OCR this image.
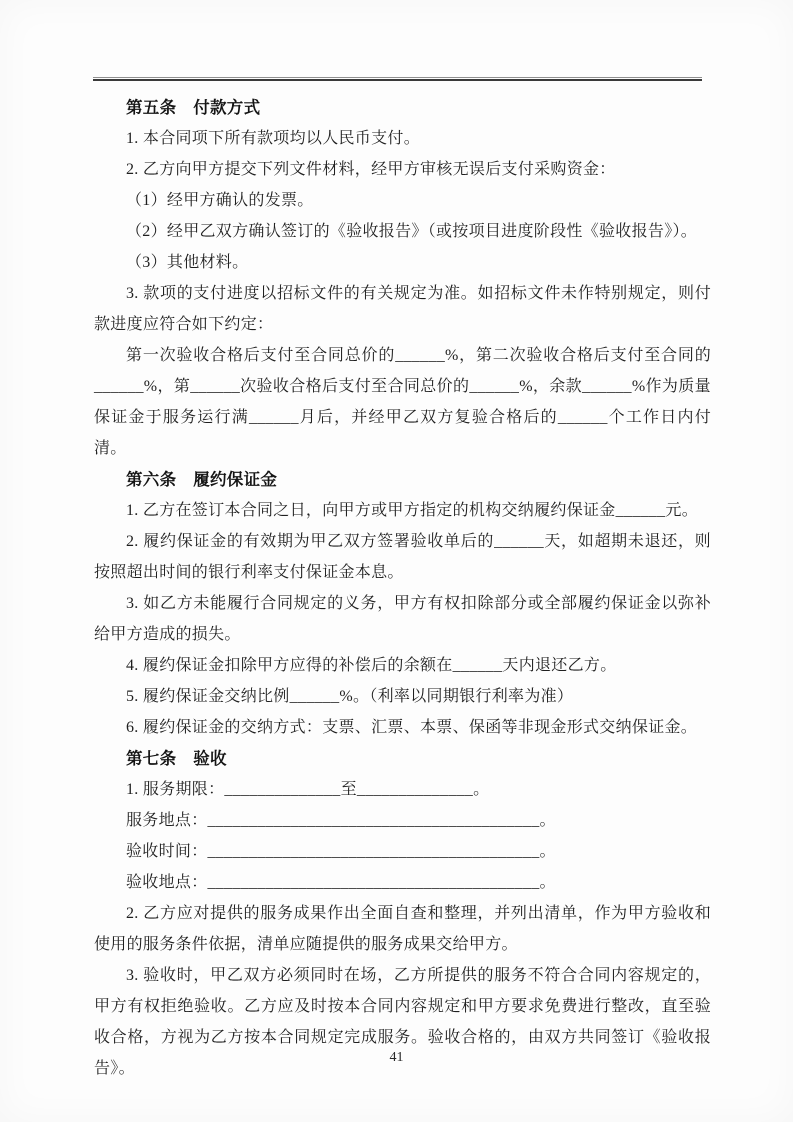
第五条　付款方式

1. 本合同项下所有款项均以人民币支付。

2. 乙方向甲方提交下列文件材料，经甲方审核无误后支付采购资金：

（1）经甲方确认的发票。

（2）经甲乙双方确认签订的《验收报告》（或按项目进度阶段性《验收报告》）。

（3）其他材料。

3. 款项的支付进度以招标文件的有关规定为准。如招标文件未作特别规定，则付款进度应符合如下约定：

第一次验收合格后支付至合同总价的______%，第二次验收合格后支付至合同的______%，第______次验收合格后支付至合同总价的______%，余款______%作为质量保证金于服务运行满______月后，并经甲乙双方复验合格后的______个工作日内付清。

第六条　履约保证金

1. 乙方在签订本合同之日，向甲方或甲方指定的机构交纳履约保证金______元。

2. 履约保证金的有效期为甲乙双方签署验收单后的______天，如超期未退还，则按照超出时间的银行利率支付保证金本息。

3. 如乙方未能履行合同规定的义务，甲方有权扣除部分或全部履约保证金以弥补给甲方造成的损失。

4. 履约保证金扣除甲方应得的补偿后的余额在______天内退还乙方。

5. 履约保证金交纳比例______%。（利率以同期银行利率为准）

6. 履约保证金的交纳方式：支票、汇票、本票、保函等非现金形式交纳保证金。

第七条　验收

1. 服务期限：______________至______________。

服务地点：________________________________________。

验收时间：________________________________________。

验收地点：________________________________________。

2. 乙方应对提供的服务成果作出全面自查和整理，并列出清单，作为甲方验收和使用的服务条件依据，清单应随提供的服务成果交给甲方。

3. 验收时，甲乙双方必须同时在场，乙方所提供的服务不符合合同内容规定的，甲方有权拒绝验收。乙方应及时按本合同内容规定和甲方要求免费进行整改，直至验收合格，方视为乙方按本合同规定完成服务。验收合格的，由双方共同签订《验收报告》。

41
